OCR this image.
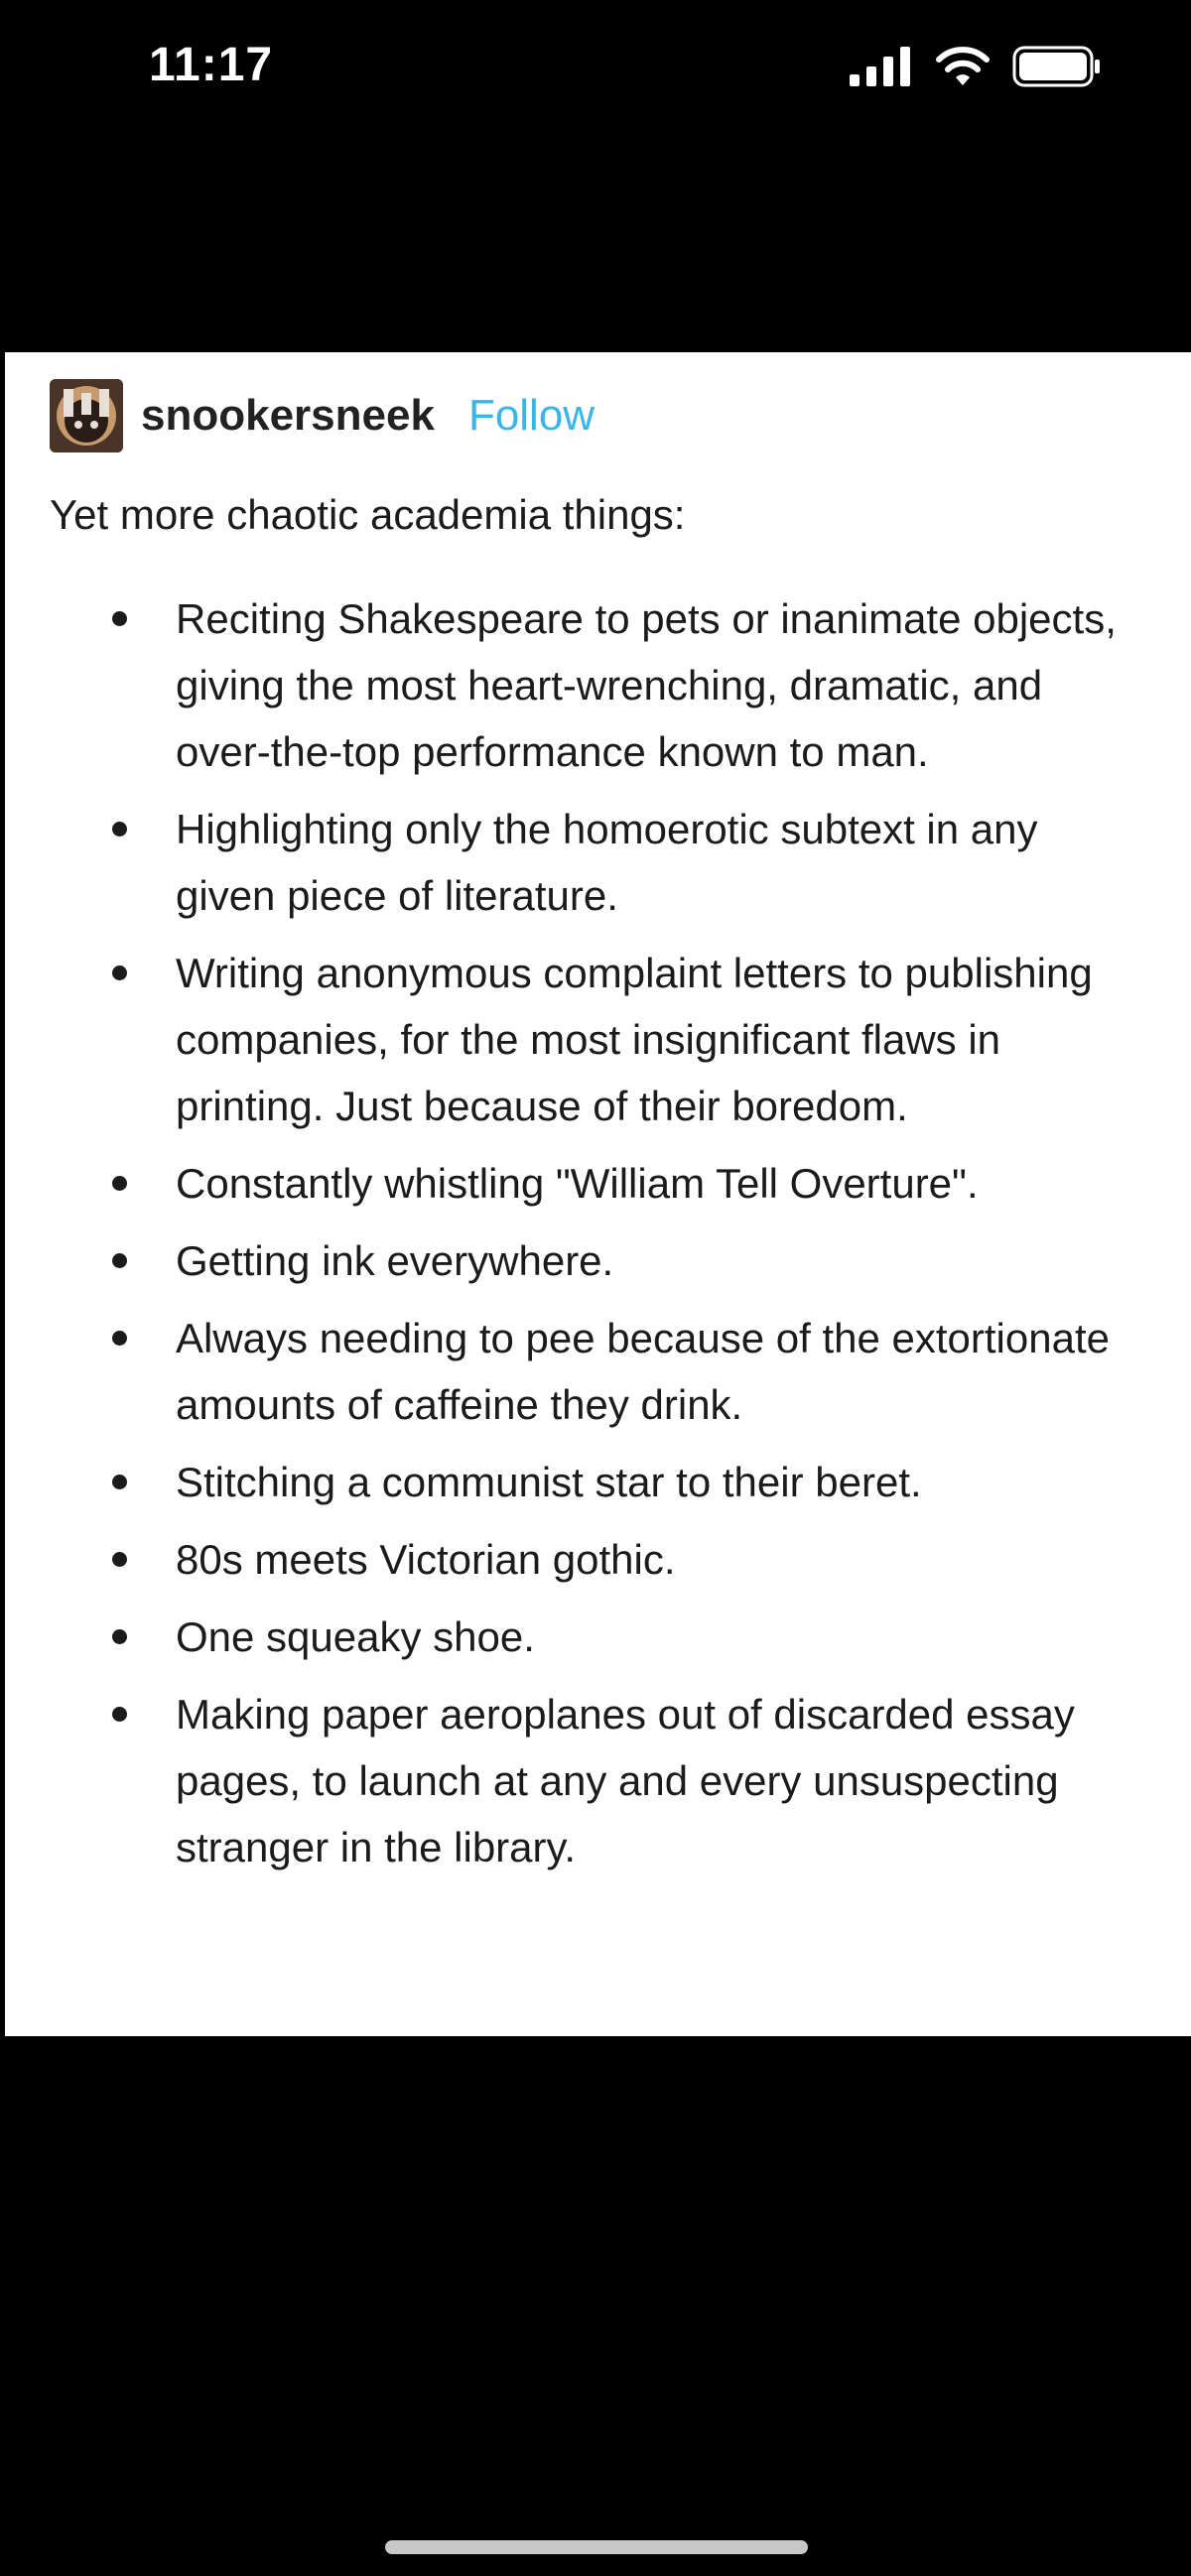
11:17
snookersneek Follow

Yet more chaotic academia things:

Reciting Shakespeare to pets or inanimate objects, giving the most heart-wrenching, dramatic, and over-the-top performance known to man.
Highlighting only the homoerotic subtext in any given piece of literature.
Writing anonymous complaint letters to publishing companies, for the most insignificant flaws in printing. Just because of their boredom.
Constantly whistling "William Tell Overture".
Getting ink everywhere.
Always needing to pee because of the extortionate amounts of caffeine they drink.
Stitching a communist star to their beret.
80s meets Victorian gothic.
One squeaky shoe.
Making paper aeroplanes out of discarded essay pages, to launch at any and every unsuspecting stranger in the library.
